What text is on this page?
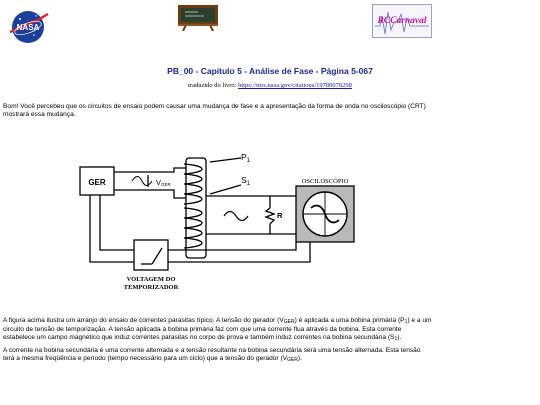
NASA
RCCarnaval
PB_00 - Capítulo 5 - Análise de Fase - Página 5-067
traduzido do livro: https://ntrs.nasa.gov/citations/19780078298
Bom! Você percebeu que os circuitos de ensaio podem causar uma mudança de fase e a apresentação da forma de onda no osciloscópio (CRT) mostrará essa mudança.
GER	VGER
$P_1$
$S_1$
R
OSCILOSCÓPIO
VOLTAGEM DO
TEMPORIZADOR
A figura acima ilustra um arranjo do ensaio de correntes parasitas típico. A tensão do gerador $(V_{GER})$ é aplicada a uma bobina primária $(P_1)$ e a um circuito de tensão de temporização. A tensão aplicada à bobina primária faz com que uma corrente flua através da bobina. Esta corrente estabelece um campo magnético que induz correntes parasitas no corpo de prova e também induz correntes na bobina secundária $(S_1)$.
A corrente na bobina secundária é uma corrente alternada e a tensão resultante na bobina secundária será uma tensão alternada. Esta tensão terá a mesma freqüência e período (tempo necessário para um ciclo) que a tensão do gerador $(V_{GER})$.
